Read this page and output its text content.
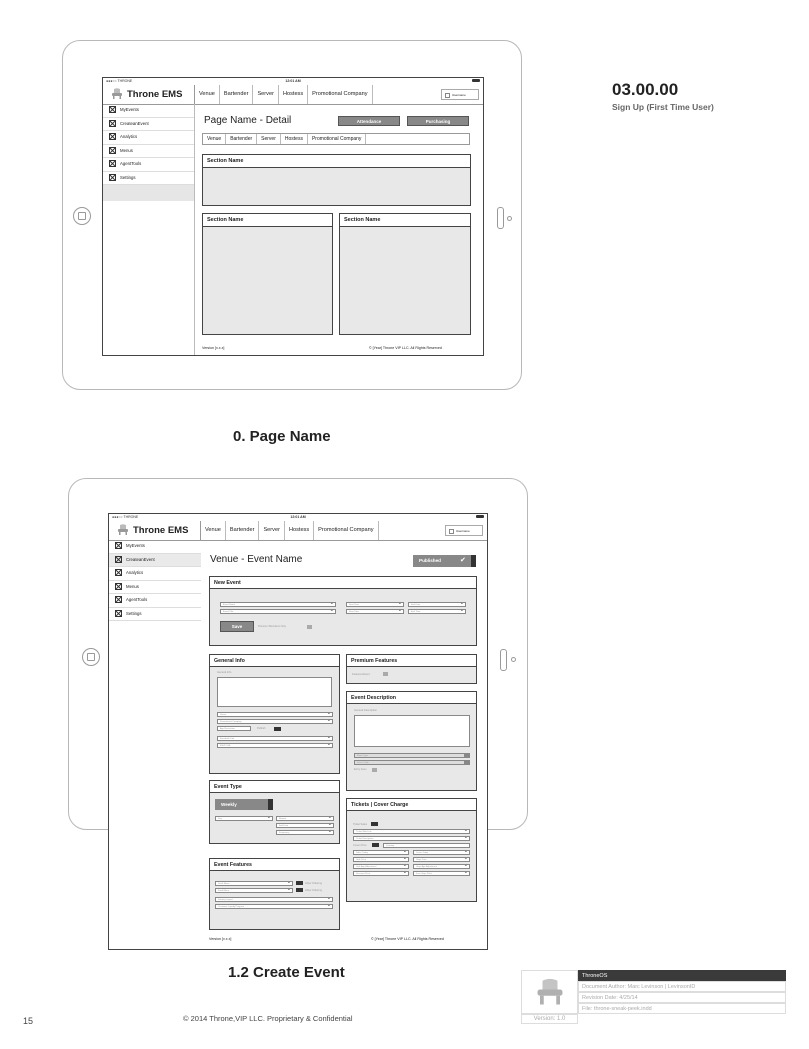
03.00.00
Sign Up (First Time User)
●●●○○ THRONE	12:01 AM
Throne EMS	Venue	Bartender	Server	Hostess	Promotional Company	Username
MyEvents
CreateanEvent
Analytics
Menus
AgentTools
Settings
Page Name - Detail	Attendance	Purchasing
Venue	Bartender	Server	Hostess	Promotional Company
Section Name
Section Name	Section Name
Version [x.x.x]	© [Year] Throne VIP LLC. All Rights Reserved
0. Page Name
●●●○○ THRONE	12:01 AM
Throne EMS	Venue	Bartender	Server	Hostess	Promotional Company	Username
MyEvents
CreateanEvent
Analytics
Menus
AgentTools
Settings
Venue - Event Name	Published	✔
New Event
Event Name ⌄
Event Title ⌄
Start Date ⌄	End Date ⌄
Start Time ⌄	End Time ⌄
Save	Premium Members Only
General Info
General Info
Venue ⌄
Promotional Company ⌄
Age Restriction	Publish
Facebook Link ⌄
RSVP URL ⌄
Premium Features
Featured Event
Event Description
General Description
Music Type
Dress Code
Entry Fees
Event Type
Weekly
Day ⌄	Repeat ⌄
End Date ⌄
Frequency ⌄
Tickets | Cover Charge
Ticket Sales
Ticket Web Link ⌄
Ticket Description ⌄
Cover Price	Quantity
Sales Today ⌄	Cover Today ⌄
Girls Price ⌄	Guys Price ⌄
Girls Age Adjustment ⌄	Guys Age Adjustment ⌄
Discount Price ⌄	Free Guys Price ⌄
Event Features
Drink Menu ⌄	Allow Ordering
Food Menu ⌄	Allow Ordering
Seating Layout ⌄
Customer Loyalty Program ⌄
Version [x.x.x]	© [Year] Throne VIP LLC. All Rights Reserved
1.2 Create Event
Version: 1.0
ThroneOS
Document Author: Marc Levinson | LevinsonID
Revision Date: 4/25/14
File: throne-sneak-peek.indd
15	© 2014 Throne,VIP LLC. Proprietary & Confidential
